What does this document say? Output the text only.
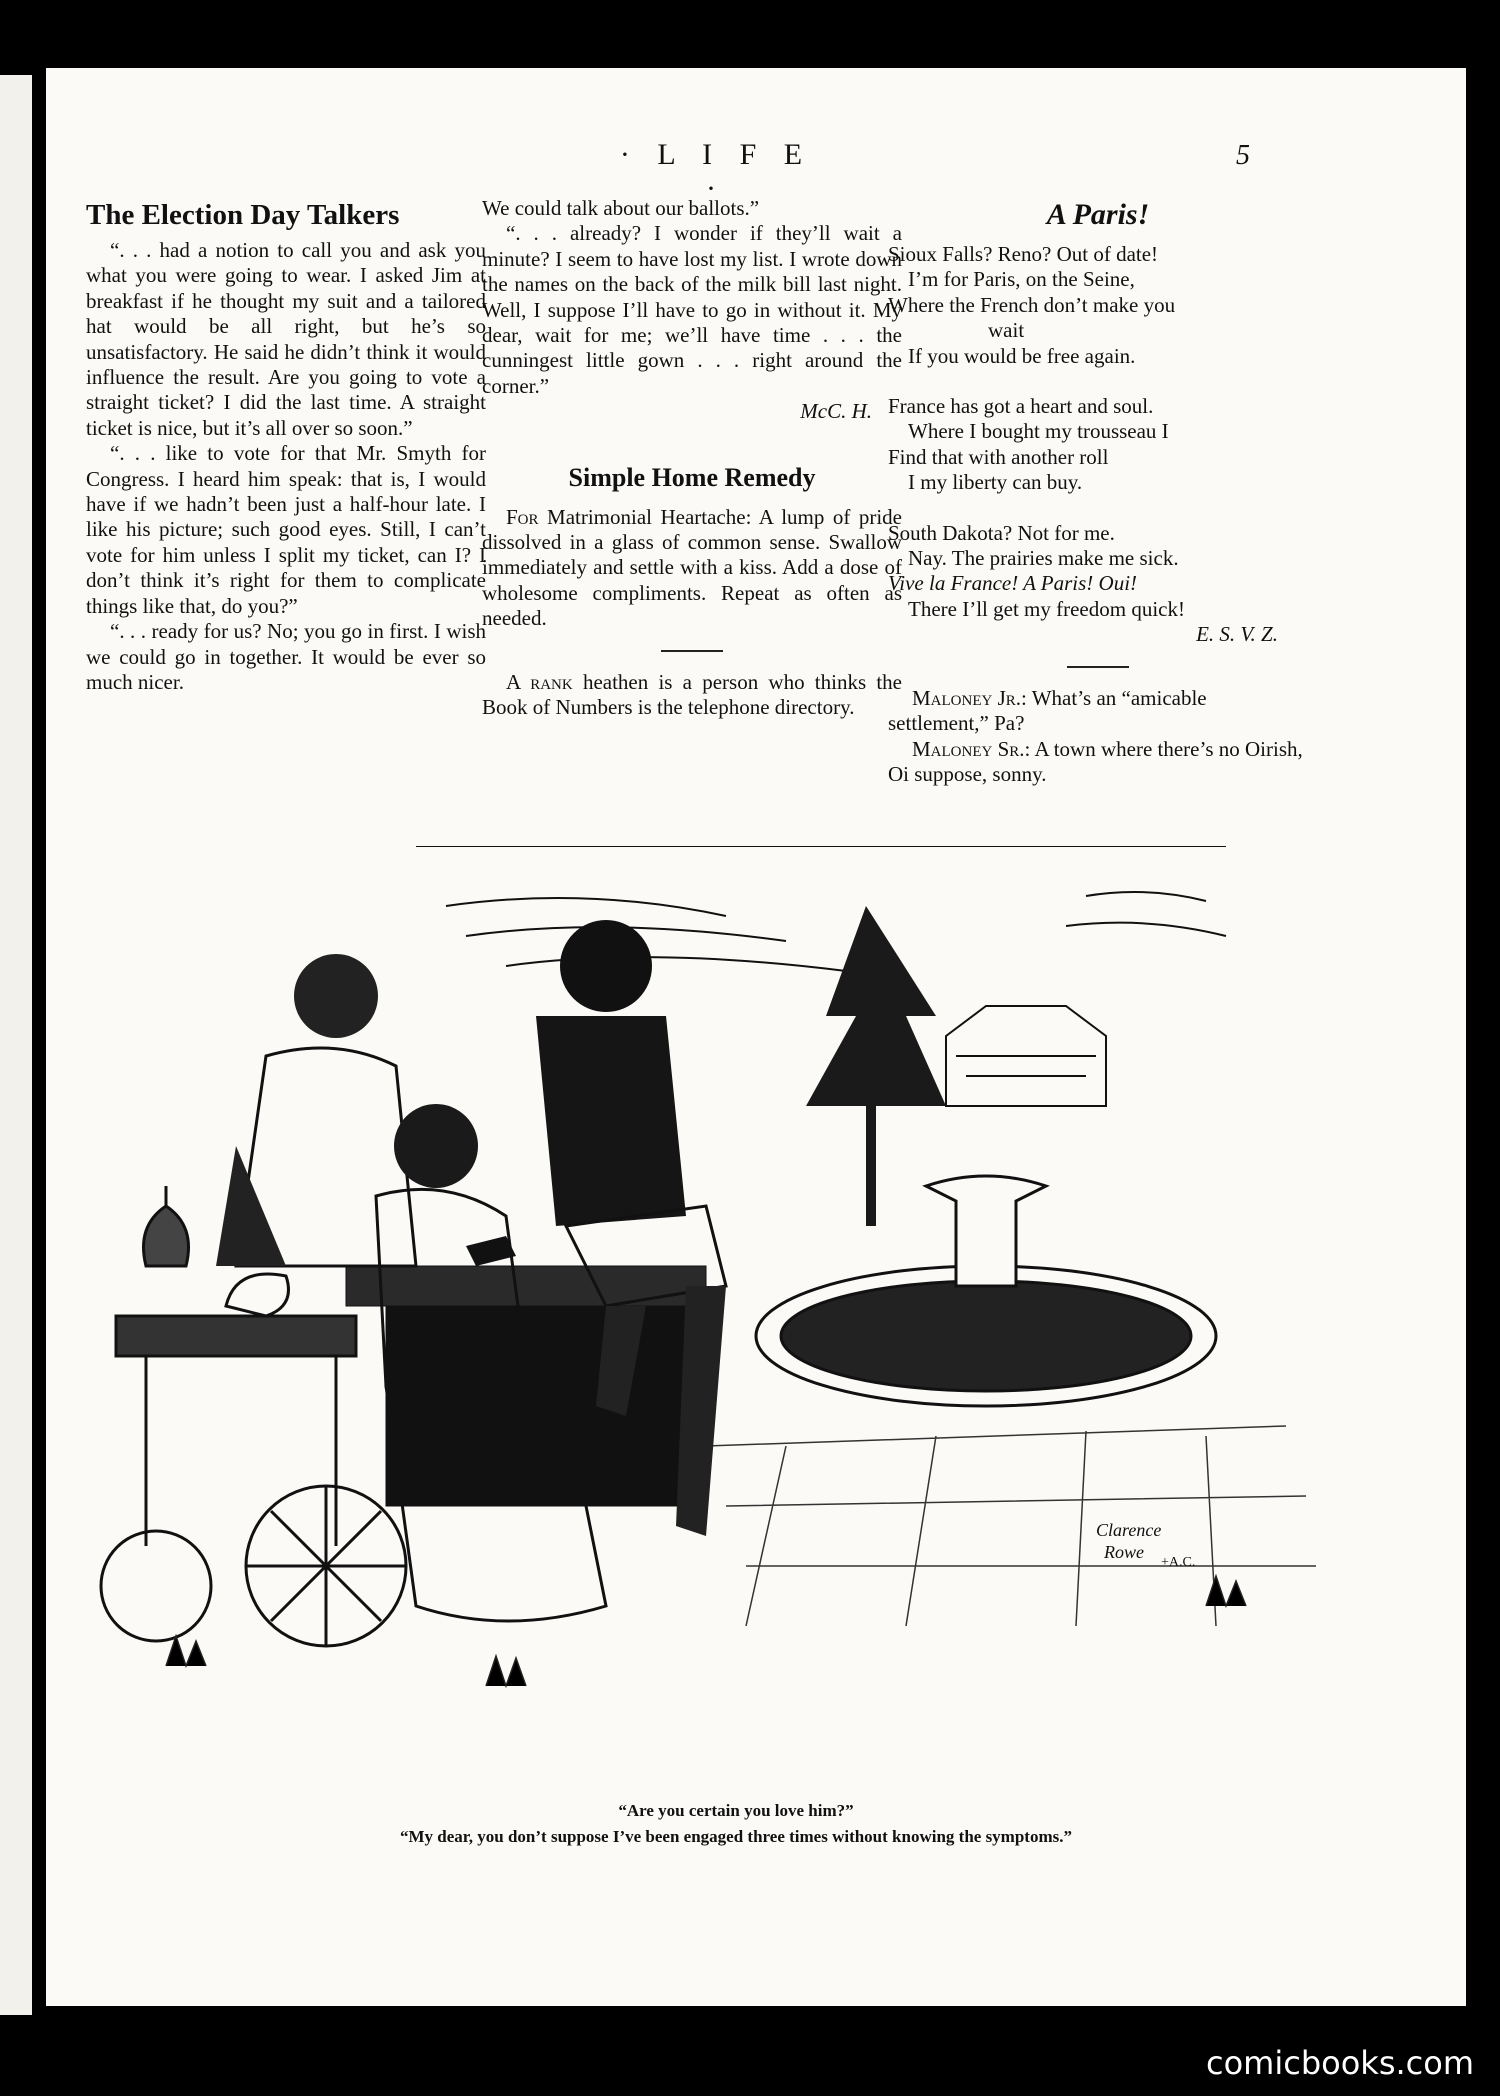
· L I F E ·
5
The Election Day Talkers

“. . . had a notion to call you and ask you what you were going to wear. I asked Jim at breakfast if he thought my suit and a tailored hat would be all right, but he’s so unsatisfactory. He said he didn’t think it would influence the result. Are you going to vote a straight ticket? I did the last time. A straight ticket is nice, but it’s all over so soon.”

“. . . like to vote for that Mr. Smyth for Congress. I heard him speak: that is, I would have if we hadn’t been just a half-hour late. I like his picture; such good eyes. Still, I can’t vote for him unless I split my ticket, can I? I don’t think it’s right for them to complicate things like that, do you?”

“. . . ready for us? No; you go in first. I wish we could go in together. It would be ever so much nicer.

We could talk about our ballots.”

“. . . already? I wonder if they’ll wait a minute? I seem to have lost my list. I wrote down the names on the back of the milk bill last night. Well, I suppose I’ll have to go in without it. My dear, wait for me; we’ll have time . . . the cunningest little gown . . . right around the corner.”

McC. H.

Simple Home Remedy

For Matrimonial Heartache: A lump of pride dissolved in a glass of common sense. Swallow immediately and settle with a kiss. Add a dose of wholesome compliments. Repeat as often as needed.

A rank heathen is a person who thinks the Book of Numbers is the telephone directory.

A Paris!

Sioux Falls? Reno? Out of date!

I’m for Paris, on the Seine,

Where the French don’t make you

wait

If you would be free again.

France has got a heart and soul.

Where I bought my trousseau I

Find that with another roll

I my liberty can buy.

South Dakota? Not for me.

Nay. The prairies make me sick.

Vive la France! A Paris! Oui!

There I’ll get my freedom quick!

E. S. V. Z.

Maloney Jr.: What’s an “amicable settlement,” Pa?

Maloney Sr.: A town where there’s no Oirish, Oi suppose, sonny.

Clarence
Rowe
+A.C.
“Are you certain you love him?”
“My dear, you don’t suppose I’ve been engaged three times without knowing the symptoms.”
comicbooks.com
